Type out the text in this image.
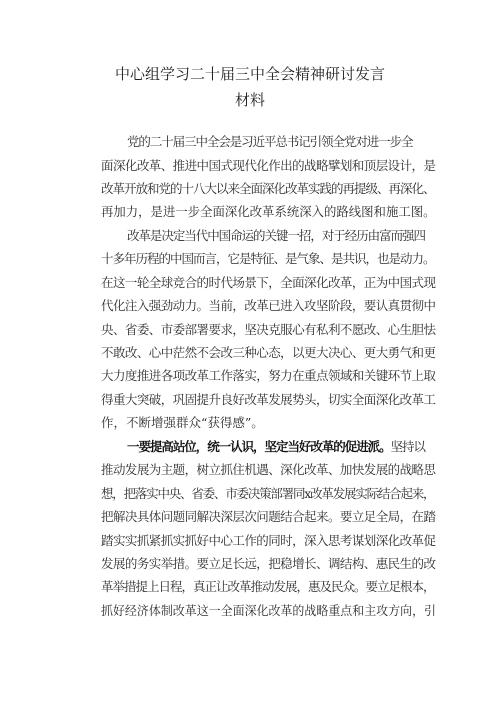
中心组学习二十届三中全会精神研讨发言
材料
党的二十届三中全会是习近平总书记引领全党对进一步全
面深化改革、推进中国式现代化作出的战略擘划和顶层设计，是
改革开放和党的十八大以来全面深化改革实践的再提级、再深化、
再加力，是进一步全面深化改革系统深入的路线图和施工图。
改革是决定当代中国命运的关键一招，对于经历由富而强四
十多年历程的中国而言，它是特征、是气象、是共识，也是动力。
在这一轮全球竞合的时代场景下，全面深化改革，正为中国式现
代化注入强劲动力。当前，改革已进入攻坚阶段，要认真贯彻中
央、省委、市委部署要求，坚决克服心有私利不愿改、心生胆怯
不敢改、心中茫然不会改三种心态，以更大决心、更大勇气和更
大力度推进各项改革工作落实，努力在重点领域和关键环节上取
得重大突破，巩固提升良好改革发展势头，切实全面深化改革工
作，不断增强群众“获得感”。
一要提高站位，统一认识，坚定当好改革的促进派。坚持以
推动发展为主题，树立抓住机遇、深化改革、加快发展的战略思
想，把落实中央、省委、市委决策部署同x改革发展实际结合起来，
把解决具体问题同解决深层次问题结合起来。要立足全局，在踏
踏实实抓紧抓实抓好中心工作的同时，深入思考谋划深化改革促
发展的务实举措。要立足长远，把稳增长、调结构、惠民生的改
革举措提上日程，真正让改革推动发展，惠及民众。要立足根本，
抓好经济体制改革这一全面深化改革的战略重点和主攻方向，引
